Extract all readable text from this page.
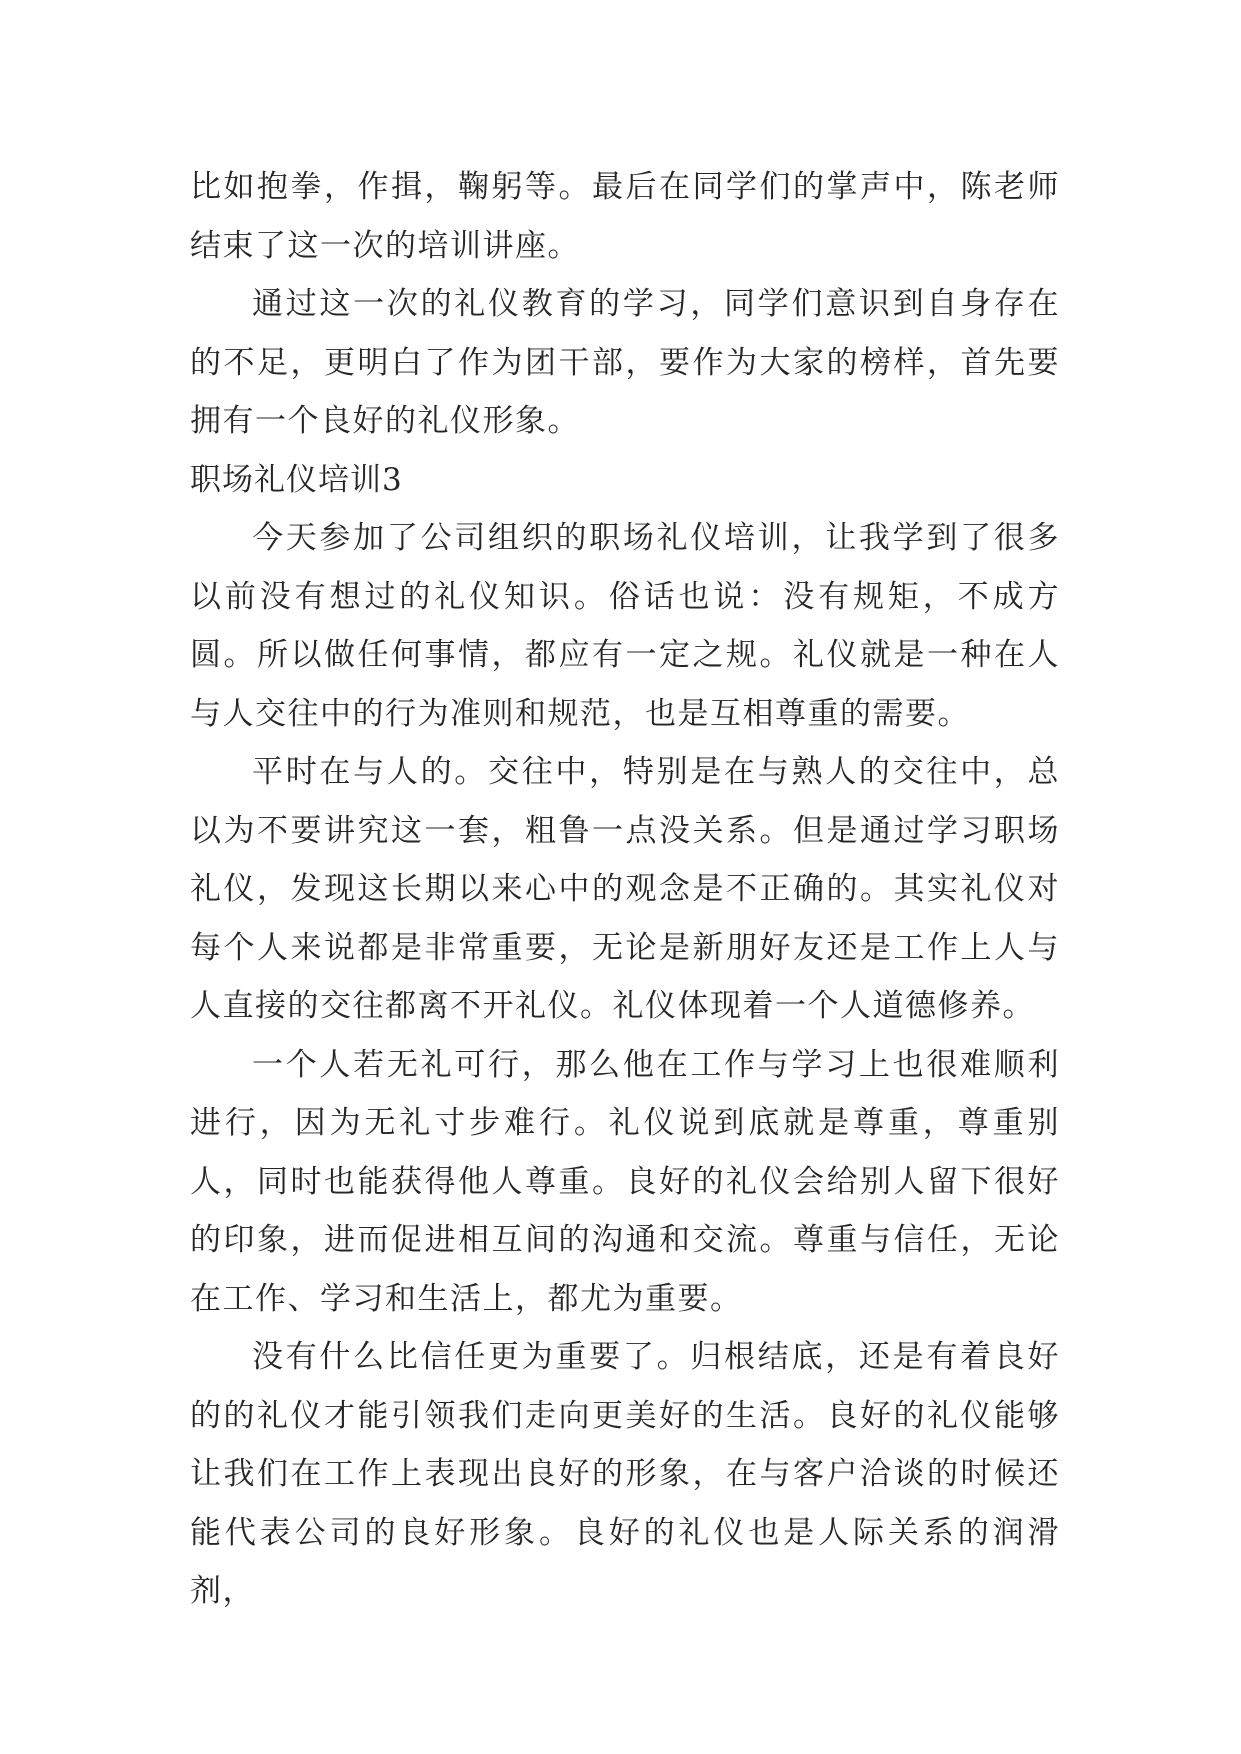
比如抱拳，作揖，鞠躬等。最后在同学们的掌声中，陈老师结束了这一次的培训讲座。

通过这一次的礼仪教育的学习，同学们意识到自身存在的不足，更明白了作为团干部，要作为大家的榜样，首先要拥有一个良好的礼仪形象。

职场礼仪培训3

今天参加了公司组织的职场礼仪培训，让我学到了很多以前没有想过的礼仪知识。俗话也说：没有规矩，不成方圆。所以做任何事情，都应有一定之规。礼仪就是一种在人与人交往中的行为准则和规范，也是互相尊重的需要。

平时在与人的。交往中，特别是在与熟人的交往中，总以为不要讲究这一套，粗鲁一点没关系。但是通过学习职场礼仪，发现这长期以来心中的观念是不正确的。其实礼仪对每个人来说都是非常重要，无论是新朋好友还是工作上人与人直接的交往都离不开礼仪。礼仪体现着一个人道德修养。

一个人若无礼可行，那么他在工作与学习上也很难顺利进行，因为无礼寸步难行。礼仪说到底就是尊重，尊重别人，同时也能获得他人尊重。良好的礼仪会给别人留下很好的印象，进而促进相互间的沟通和交流。尊重与信任，无论在工作、学习和生活上，都尤为重要。

没有什么比信任更为重要了。归根结底，还是有着良好的的礼仪才能引领我们走向更美好的生活。良好的礼仪能够让我们在工作上表现出良好的形象，在与客户洽谈的时候还能代表公司的良好形象。良好的礼仪也是人际关系的润滑剂，
